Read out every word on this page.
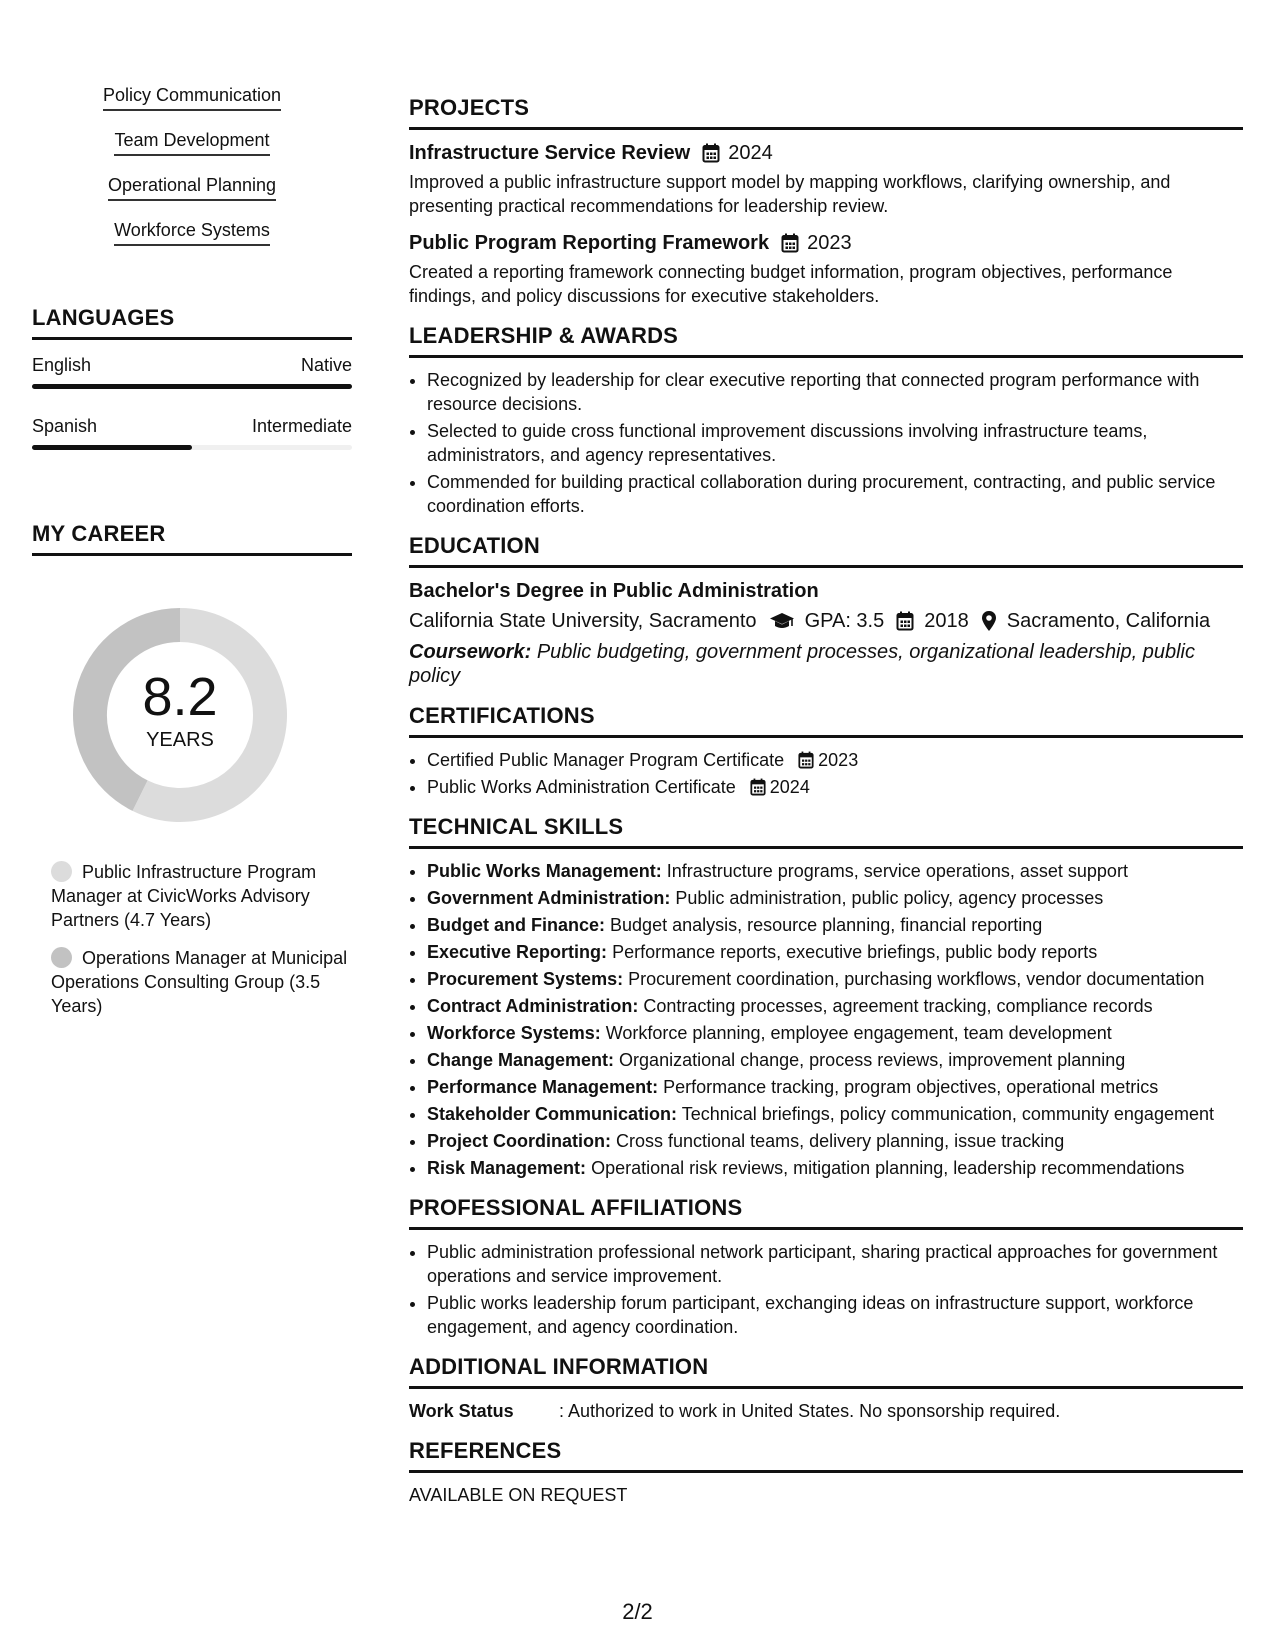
Policy Communication
Team Development
Operational Planning
Workforce Systems
LANGUAGES
English	Native
Spanish	Intermediate
MY CAREER
8.2
YEARS
Public Infrastructure Program Manager at CivicWorks Advisory Partners (4.7 Years)
Operations Manager at Municipal Operations Consulting Group (3.5 Years)
PROJECTS
Infrastructure Service Review 2024
Improved a public infrastructure support model by mapping workflows, clarifying ownership, and presenting practical recommendations for leadership review.
Public Program Reporting Framework 2023
Created a reporting framework connecting budget information, program objectives, performance findings, and policy discussions for executive stakeholders.
LEADERSHIP & AWARDS
• Recognized by leadership for clear executive reporting that connected program performance with resource decisions.
• Selected to guide cross functional improvement discussions involving infrastructure teams, administrators, and agency representatives.
• Commended for building practical collaboration during procurement, contracting, and public service coordination efforts.
EDUCATION
Bachelor's Degree in Public Administration
California State University, Sacramento GPA: 3.5 2018 Sacramento, California
Coursework: Public budgeting, government processes, organizational leadership, public policy
CERTIFICATIONS
• Certified Public Manager Program Certificate 2023
• Public Works Administration Certificate 2024
TECHNICAL SKILLS
• Public Works Management: Infrastructure programs, service operations, asset support
• Government Administration: Public administration, public policy, agency processes
• Budget and Finance: Budget analysis, resource planning, financial reporting
• Executive Reporting: Performance reports, executive briefings, public body reports
• Procurement Systems: Procurement coordination, purchasing workflows, vendor documentation
• Contract Administration: Contracting processes, agreement tracking, compliance records
• Workforce Systems: Workforce planning, employee engagement, team development
• Change Management: Organizational change, process reviews, improvement planning
• Performance Management: Performance tracking, program objectives, operational metrics
• Stakeholder Communication: Technical briefings, policy communication, community engagement
• Project Coordination: Cross functional teams, delivery planning, issue tracking
• Risk Management: Operational risk reviews, mitigation planning, leadership recommendations
PROFESSIONAL AFFILIATIONS
• Public administration professional network participant, sharing practical approaches for government operations and service improvement.
• Public works leadership forum participant, exchanging ideas on infrastructure support, workforce engagement, and agency coordination.
ADDITIONAL INFORMATION
Work Status	: Authorized to work in United States. No sponsorship required.
REFERENCES
AVAILABLE ON REQUEST
2/2
